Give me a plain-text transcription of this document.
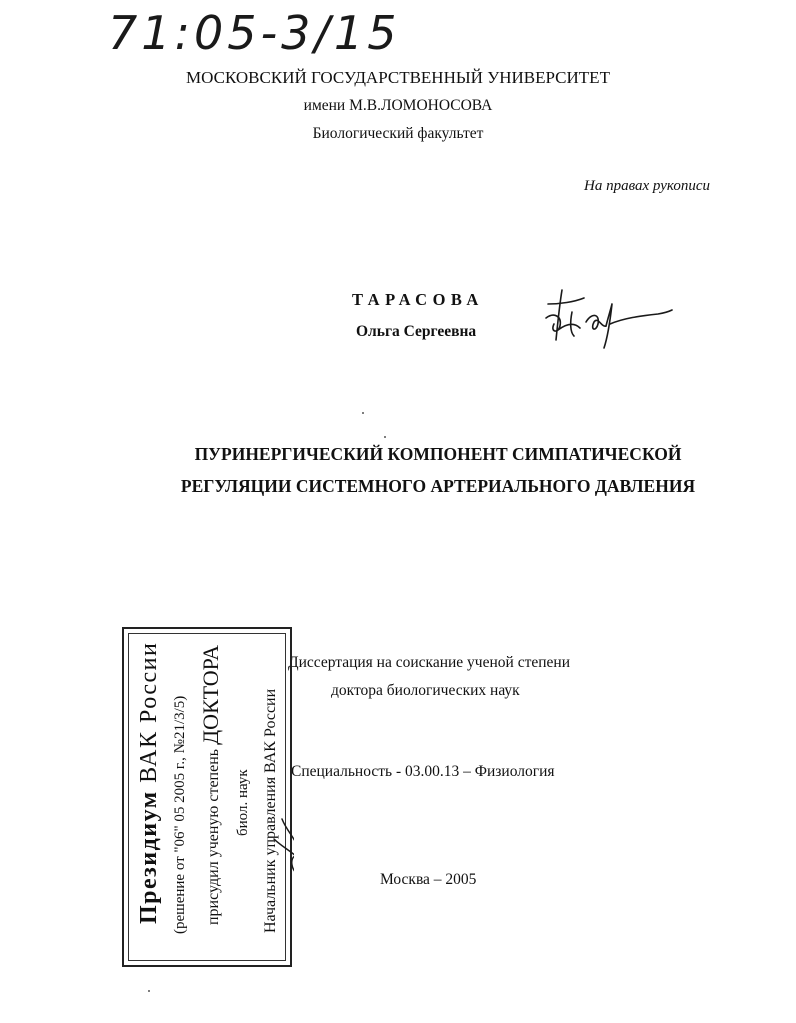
71:05-3/15
МОСКОВСКИЙ ГОСУДАРСТВЕННЫЙ УНИВЕРСИТЕТ
имени М.В.ЛОМОНОСОВА
Биологический факультет
На правах рукописи
ТАРАСОВА
Ольга Сергеевна
ПУРИНЕРГИЧЕСКИЙ КОМПОНЕНТ СИМПАТИЧЕСКОЙ
РЕГУЛЯЦИИ СИСТЕМНОГО АРТЕРИАЛЬНОГО ДАВЛЕНИЯ
Диссертация на соискание ученой степени
доктора биологических наук
Специальность - 03.00.13 – Физиология
Москва – 2005
Президиум ВАК России (решение от "06" 05 2005 г., №21/3/5)	присудил ученую степень ДОКТОРА
биол. наук Начальник управления ВАК России
